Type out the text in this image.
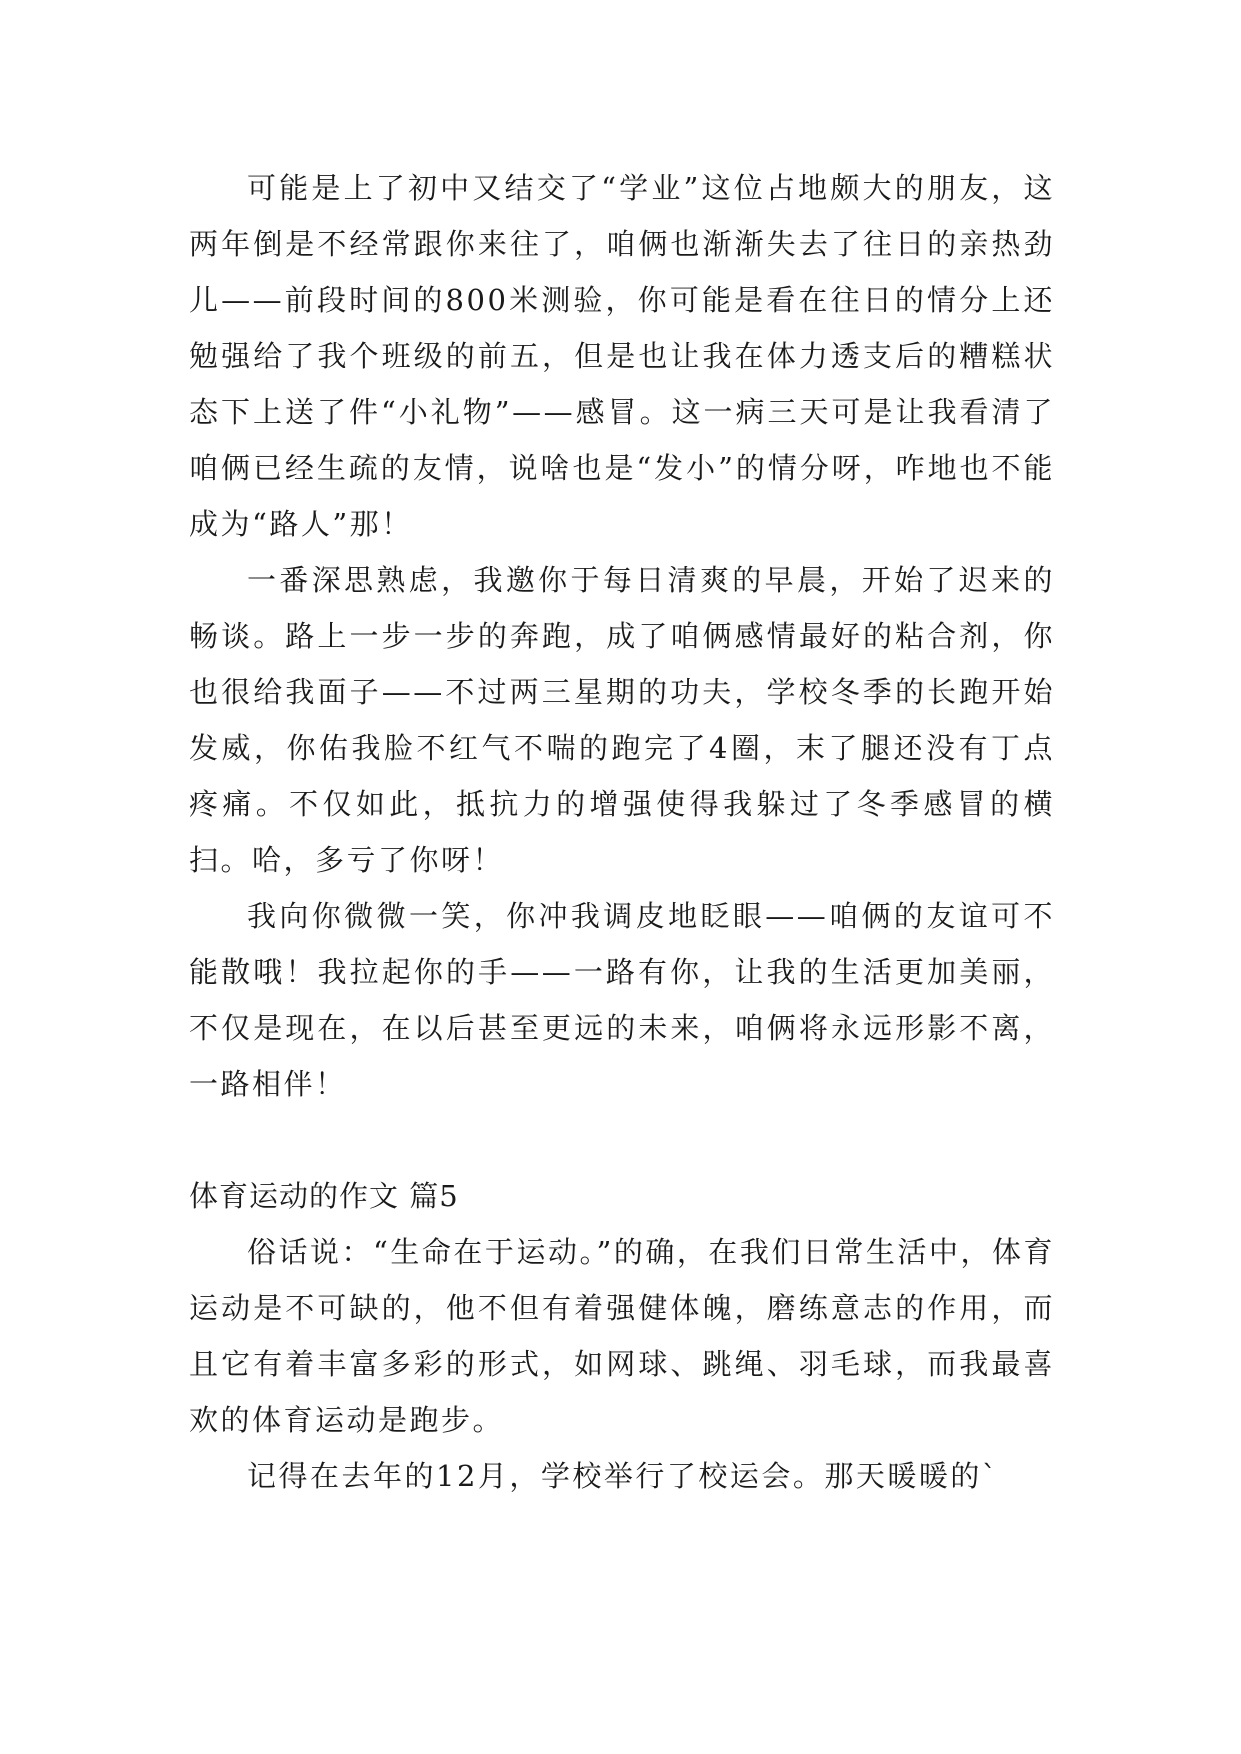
可能是上了初中又结交了“学业”这位占地颇大的朋友，这两年倒是不经常跟你来往了，咱俩也渐渐失去了往日的亲热劲儿——前段时间的800米测验，你可能是看在往日的情分上还勉强给了我个班级的前五，但是也让我在体力透支后的糟糕状态下上送了件“小礼物”——感冒。这一病三天可是让我看清了咱俩已经生疏的友情，说啥也是“发小”的情分呀，咋地也不能成为“路人”那！

一番深思熟虑，我邀你于每日清爽的早晨，开始了迟来的畅谈。路上一步一步的奔跑，成了咱俩感情最好的粘合剂，你也很给我面子——不过两三星期的功夫，学校冬季的长跑开始发威，你佑我脸不红气不喘的跑完了4圈，末了腿还没有丁点疼痛。不仅如此，抵抗力的增强使得我躲过了冬季感冒的横扫。哈，多亏了你呀！

我向你微微一笑，你冲我调皮地眨眼——咱俩的友谊可不能散哦！我拉起你的手——一路有你，让我的生活更加美丽，不仅是现在，在以后甚至更远的未来，咱俩将永远形影不离，一路相伴！

体育运动的作文 篇5

俗话说：“生命在于运动。”的确，在我们日常生活中，体育运动是不可缺的，他不但有着强健体魄，磨练意志的作用，而且它有着丰富多彩的形式，如网球、跳绳、羽毛球，而我最喜欢的体育运动是跑步。

记得在去年的12月，学校举行了校运会。那天暖暖的`
